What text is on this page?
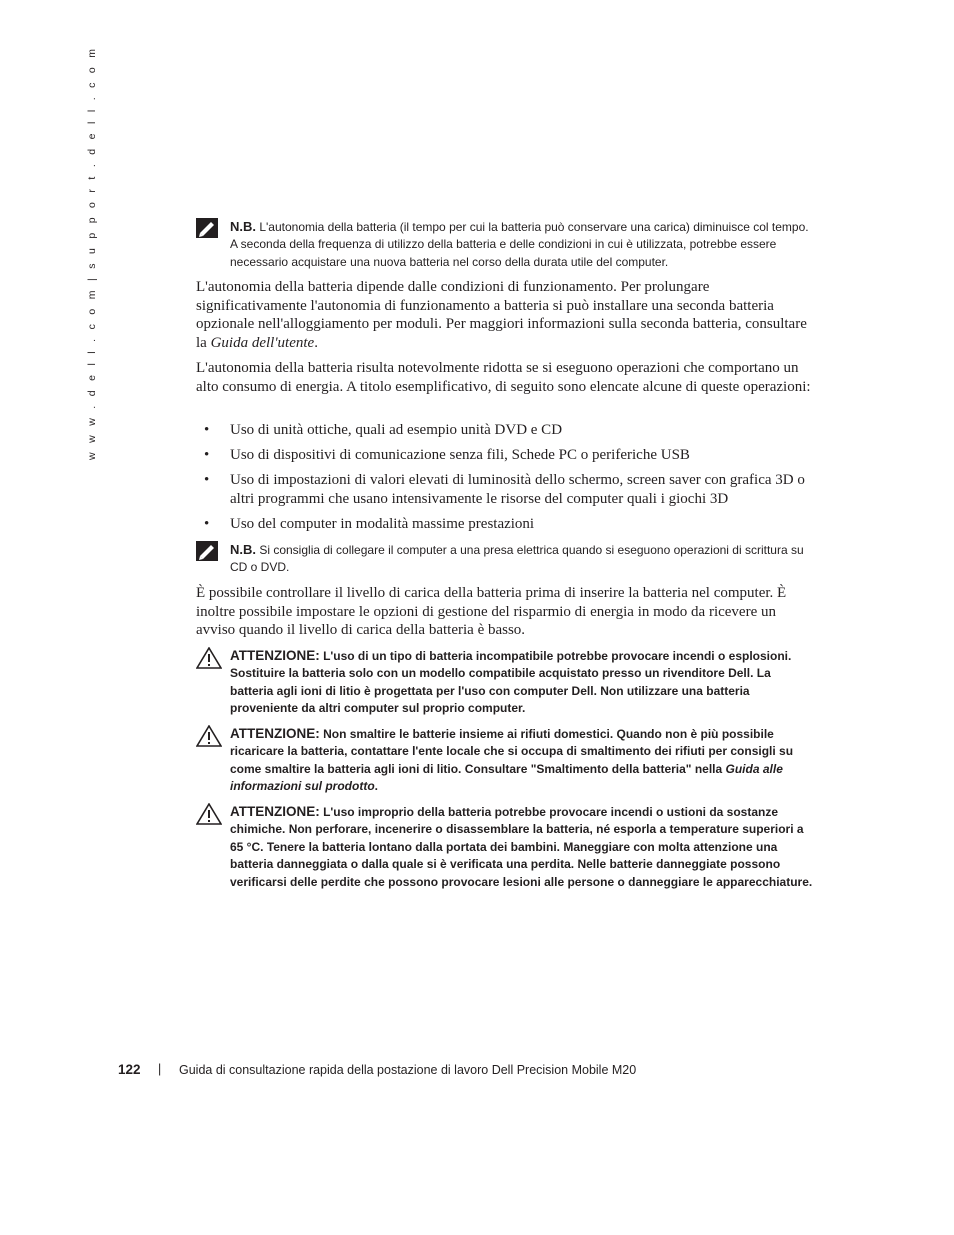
w w w . d e l l . c o m | s u p p o r t . d e l l . c o m	N.B. L'autonomia della batteria (il tempo per cui la batteria può conservare una carica) diminuisce col tempo. A seconda della frequenza di utilizzo della batteria e delle condizioni in cui è utilizzata, potrebbe essere necessario acquistare una nuova batteria nel corso della durata utile del computer.

L'autonomia della batteria dipende dalle condizioni di funzionamento. Per prolungare significativamente l'autonomia di funzionamento a batteria si può installare una seconda batteria opzionale nell'alloggiamento per moduli. Per maggiori informazioni sulla seconda batteria, consultare la Guida dell'utente.

L'autonomia della batteria risulta notevolmente ridotta se si eseguono operazioni che comportano un alto consumo di energia. A titolo esemplificativo, di seguito sono elencate alcune di queste operazioni:

• Uso di unità ottiche, quali ad esempio unità DVD e CD
• Uso di dispositivi di comunicazione senza fili, Schede PC o periferiche USB
• Uso di impostazioni di valori elevati di luminosità dello schermo, screen saver con grafica 3D o altri programmi che usano intensivamente le risorse del computer quali i giochi 3D
• Uso del computer in modalità massime prestazioni
N.B. Si consiglia di collegare il computer a una presa elettrica quando si eseguono operazioni di scrittura su CD o DVD.

È possibile controllare il livello di carica della batteria prima di inserire la batteria nel computer. È inoltre possibile impostare le opzioni di gestione del risparmio di energia in modo da ricevere un avviso quando il livello di carica della batteria è basso.

ATTENZIONE: L'uso di un tipo di batteria incompatibile potrebbe provocare incendi o esplosioni. Sostituire la batteria solo con un modello compatibile acquistato presso un rivenditore Dell. La batteria agli ioni di litio è progettata per l'uso con computer Dell. Non utilizzare una batteria proveniente da altri computer sul proprio computer.
ATTENZIONE: Non smaltire le batterie insieme ai rifiuti domestici. Quando non è più possibile ricaricare la batteria, contattare l'ente locale che si occupa di smaltimento dei rifiuti per consigli su come smaltire la batteria agli ioni di litio. Consultare "Smaltimento della batteria" nella Guida alle informazioni sul prodotto.
ATTENZIONE: L'uso improprio della batteria potrebbe provocare incendi o ustioni da sostanze chimiche. Non perforare, incenerire o disassemblare la batteria, né esporla a temperature superiori a 65 °C. Tenere la batteria lontano dalla portata dei bambini. Maneggiare con molta attenzione una batteria danneggiata o dalla quale si è verificata una perdita. Nelle batterie danneggiate possono verificarsi delle perdite che possono provocare lesioni alle persone o danneggiare le apparecchiature.
122 | Guida di consultazione rapida della postazione di lavoro Dell Precision Mobile M20
